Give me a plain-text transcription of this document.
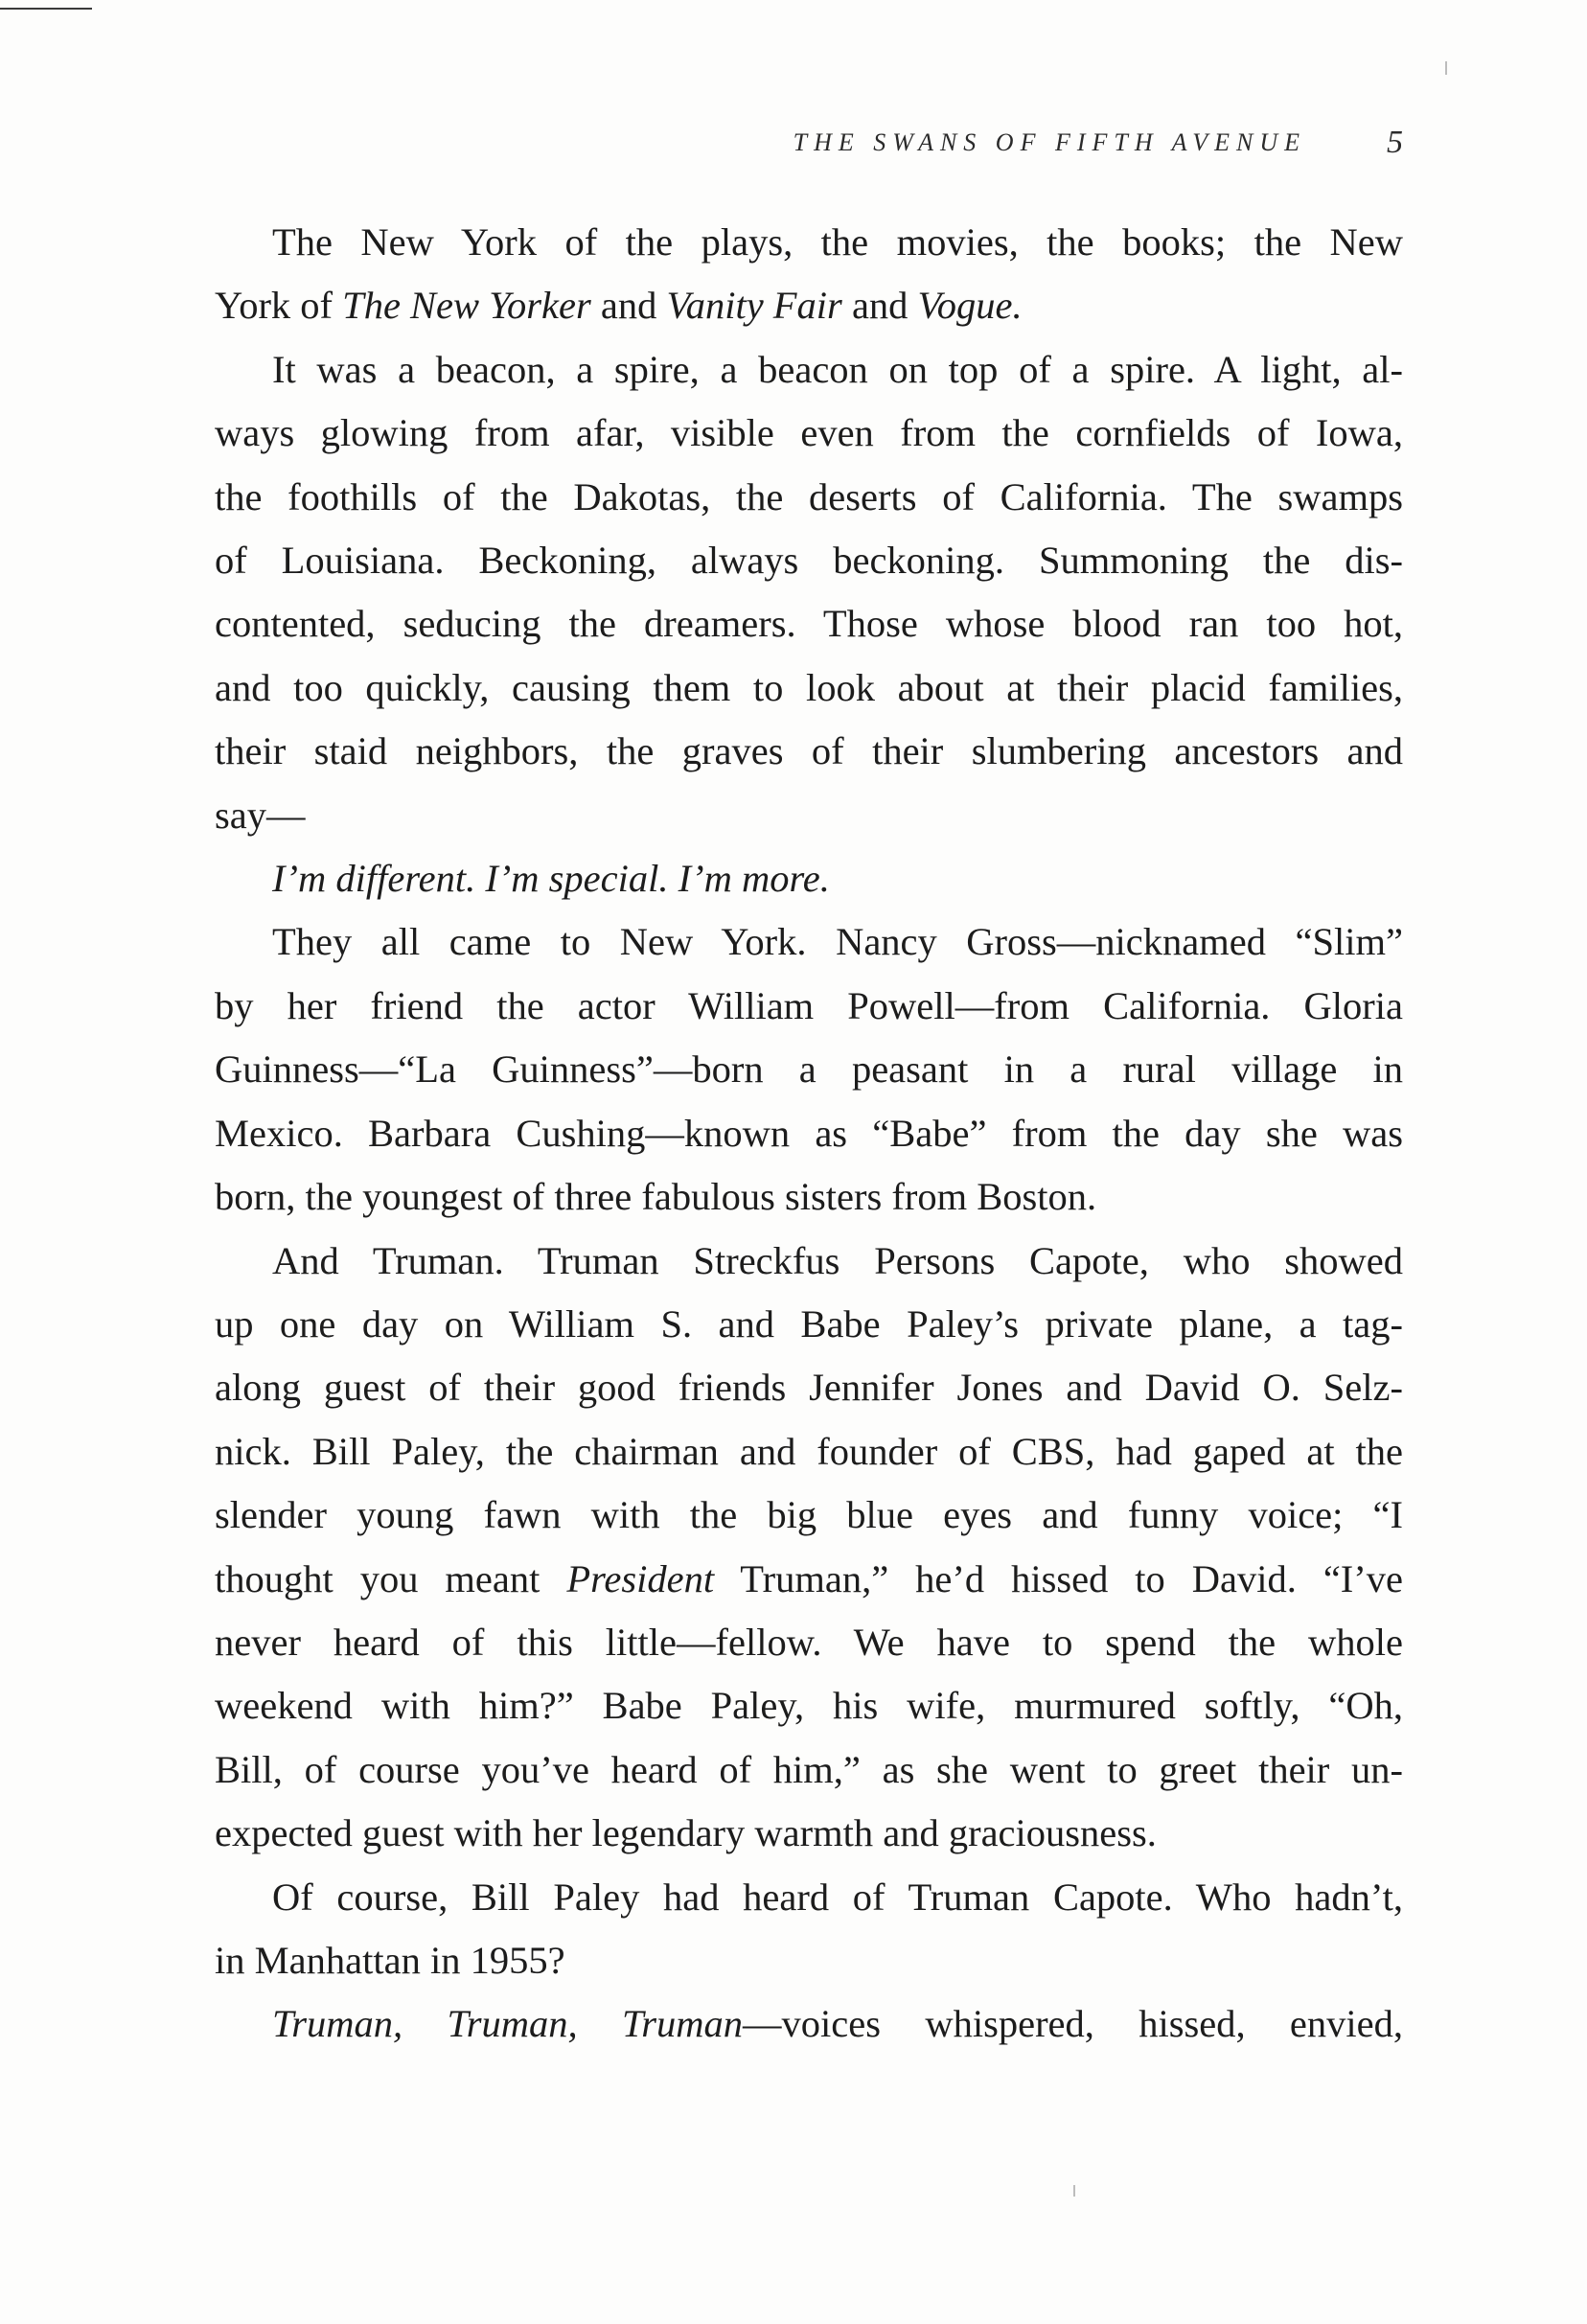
THE SWANS OF FIFTH AVENUE 5
The New York of the plays, the movies, the books; the New
York of The New Yorker and Vanity Fair and Vogue.
It was a beacon, a spire, a beacon on top of a spire. A light, al-
ways glowing from afar, visible even from the cornfields of Iowa,
the foothills of the Dakotas, the deserts of California. The swamps
of Louisiana. Beckoning, always beckoning. Summoning the dis-
contented, seducing the dreamers. Those whose blood ran too hot,
and too quickly, causing them to look about at their placid families,
their staid neighbors, the graves of their slumbering ancestors and
say—
I’m different. I’m special. I’m more.
They all came to New York. Nancy Gross—nicknamed “Slim”
by her friend the actor William Powell—from California. Gloria
Guinness—“La Guinness”—born a peasant in a rural village in
Mexico. Barbara Cushing—known as “Babe” from the day she was
born, the youngest of three fabulous sisters from Boston.
And Truman. Truman Streckfus Persons Capote, who showed
up one day on William S. and Babe Paley’s private plane, a tag-
along guest of their good friends Jennifer Jones and David O. Selz-
nick. Bill Paley, the chairman and founder of CBS, had gaped at the
slender young fawn with the big blue eyes and funny voice; “I
thought you meant President Truman,” he’d hissed to David. “I’ve
never heard of this little—fellow. We have to spend the whole
weekend with him?” Babe Paley, his wife, murmured softly, “Oh,
Bill, of course you’ve heard of him,” as she went to greet their un-
expected guest with her legendary warmth and graciousness.
Of course, Bill Paley had heard of Truman Capote. Who hadn’t,
in Manhattan in 1955?
Truman, Truman, Truman—voices whispered, hissed, envied,
